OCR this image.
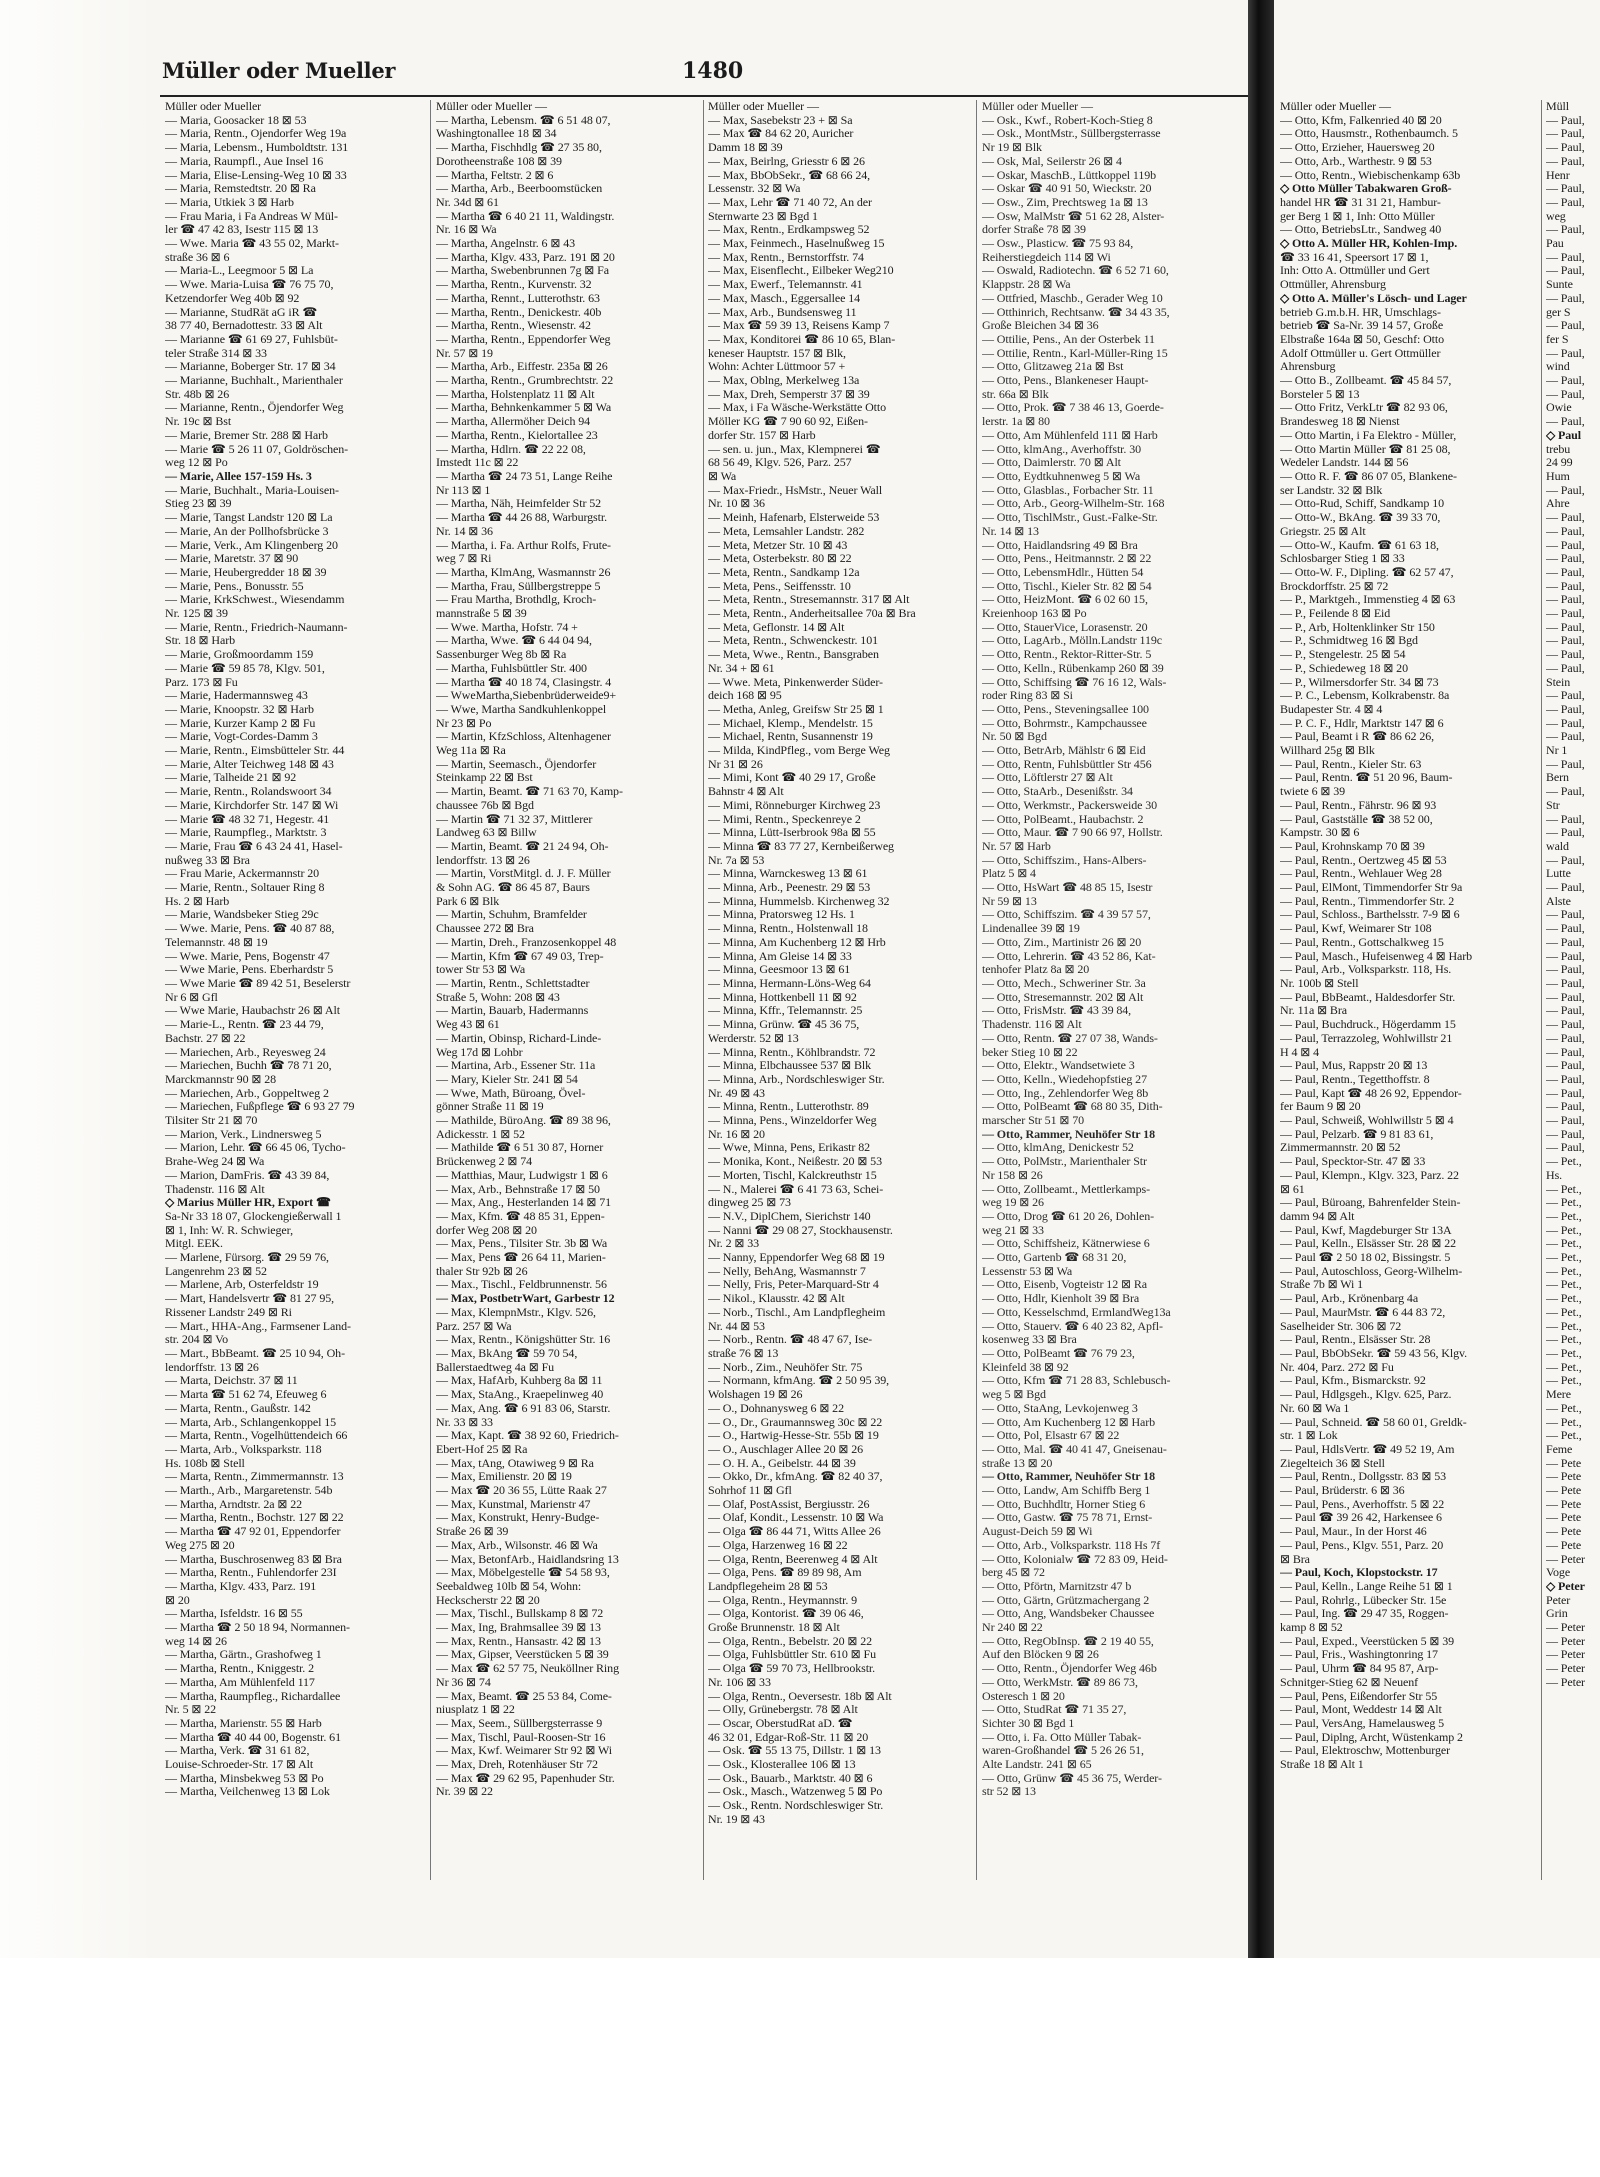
Müller oder Mueller	1480
Müller oder Mueller
— Maria, Goosacker 18 ⊠ 53
— Maria, Rentn., Ojendorfer Weg 19a
— Maria, Lebensm., Humboldtstr. 131
— Maria, Raumpfl., Aue Insel 16
— Maria, Elise-Lensing-Weg 10 ⊠ 33
— Maria, Remstedtstr. 20 ⊠ Ra
— Maria, Utkiek 3 ⊠ Harb
— Frau Maria, i Fa Andreas W Mül-
ler ☎ 47 42 83, Isestr 115 ⊠ 13
— Wwe. Maria ☎ 43 55 02, Markt-
straße 36 ⊠ 6
— Maria-L., Leegmoor 5 ⊠ La
— Wwe. Maria-Luisa ☎ 76 75 70,
Ketzendorfer Weg 40b ⊠ 92
— Marianne, StudRät aG iR ☎
38 77 40, Bernadottestr. 33 ⊠ Alt
— Marianne ☎ 61 69 27, Fuhlsbüt-
teler Straße 314 ⊠ 33
— Marianne, Boberger Str. 17 ⊠ 34
— Marianne, Buchhalt., Marienthaler
Str. 48b ⊠ 26
— Marianne, Rentn., Öjendorfer Weg
Nr. 19c ⊠ Bst
— Marie, Bremer Str. 288 ⊠ Harb
— Marie ☎ 5 26 11 07, Goldröschen-
weg 12 ⊠ Po
— Marie, Allee 157-159 Hs. 3
— Marie, Buchhalt., Maria-Louisen-
Stieg 23 ⊠ 39
— Marie, Tangst Landstr 120 ⊠ La
— Marie, An der Pollhofsbrücke 3
— Marie, Verk., Am Klingenberg 20
— Marie, Maretstr. 37 ⊠ 90
— Marie, Heubergredder 18 ⊠ 39
— Marie, Pens., Bonusstr. 55
— Marie, KrkSchwest., Wiesendamm
Nr. 125 ⊠ 39
— Marie, Rentn., Friedrich-Naumann-
Str. 18 ⊠ Harb
— Marie, Großmoordamm 159
— Marie ☎ 59 85 78, Klgv. 501,
Parz. 173 ⊠ Fu
— Marie, Hadermannsweg 43
— Marie, Knoopstr. 32 ⊠ Harb
— Marie, Kurzer Kamp 2 ⊠ Fu
— Marie, Vogt-Cordes-Damm 3
— Marie, Rentn., Eimsbütteler Str. 44
— Marie, Alter Teichweg 148 ⊠ 43
— Marie, Talheide 21 ⊠ 92
— Marie, Rentn., Rolandswoort 34
— Marie, Kirchdorfer Str. 147 ⊠ Wi
— Marie ☎ 48 32 71, Hegestr. 41
— Marie, Raumpfleg., Marktstr. 3
— Marie, Frau ☎ 6 43 24 41, Hasel-
nußweg 33 ⊠ Bra
— Frau Marie, Ackermannstr 20
— Marie, Rentn., Soltauer Ring 8
Hs. 2 ⊠ Harb
— Marie, Wandsbeker Stieg 29c
— Wwe. Marie, Pens. ☎ 40 87 88,
Telemannstr. 48 ⊠ 19
— Wwe. Marie, Pens, Bogenstr 47
— Wwe Marie, Pens. Eberhardstr 5
— Wwe Marie ☎ 89 42 51, Beselerstr
Nr 6 ⊠ Gfl
— Wwe Marie, Haubachstr 26 ⊠ Alt
— Marie-L., Rentn. ☎ 23 44 79,
Bachstr. 27 ⊠ 22
— Mariechen, Arb., Reyesweg 24
— Mariechen, Buchh ☎ 78 71 20,
Marckmannstr 90 ⊠ 28
— Mariechen, Arb., Goppeltweg 2
— Mariechen, Fußpflege ☎ 6 93 27 79
Tilsiter Str 21 ⊠ 70
— Marion, Verk., Lindnersweg 5
— Marion, Lehr. ☎ 66 45 06, Tycho-
Brahe-Weg 24 ⊠ Wa
— Marion, DamFris. ☎ 43 39 84,
Thadenstr. 116 ⊠ Alt
◇ Marius Müller HR, Export ☎
Sa-Nr 33 18 07, Glockengießerwall 1
⊠ 1, Inh: W. R. Schwieger,
Mitgl. EEK.
— Marlene, Fürsorg. ☎ 29 59 76,
Langenrehm 23 ⊠ 52
— Marlene, Arb, Osterfeldstr 19
— Mart, Handelsvertr ☎ 81 27 95,
Rissener Landstr 249 ⊠ Ri
— Mart., HHA-Ang., Farmsener Land-
str. 204 ⊠ Vo
— Mart., BbBeamt. ☎ 25 10 94, Oh-
lendorffstr. 13 ⊠ 26
— Marta, Deichstr. 37 ⊠ 11
— Marta ☎ 51 62 74, Efeuweg 6
— Marta, Rentn., Gaußstr. 142
— Marta, Arb., Schlangenkoppel 15
— Marta, Rentn., Vogelhüttendeich 66
— Marta, Arb., Volksparkstr. 118
Hs. 108b ⊠ Stell
— Marta, Rentn., Zimmermannstr. 13
— Marth., Arb., Margaretenstr. 54b
— Martha, Arndtstr. 2a ⊠ 22
— Martha, Rentn., Bochstr. 127 ⊠ 22
— Martha ☎ 47 92 01, Eppendorfer
Weg 275 ⊠ 20
— Martha, Buschrosenweg 83 ⊠ Bra
— Martha, Rentn., Fuhlendorfer 23I
— Martha, Klgv. 433, Parz. 191
⊠ 20
— Martha, Isfeldstr. 16 ⊠ 55
— Martha ☎ 2 50 18 94, Normannen-
weg 14 ⊠ 26
— Martha, Gärtn., Grashofweg 1
— Martha, Rentn., Kniggestr. 2
— Martha, Am Mühlenfeld 117
— Martha, Raumpfleg., Richardallee
Nr. 5 ⊠ 22
— Martha, Marienstr. 55 ⊠ Harb
— Martha ☎ 40 44 00, Bogenstr. 61
— Martha, Verk. ☎ 31 61 82,
Louise-Schroeder-Str. 17 ⊠ Alt
— Martha, Minsbekweg 53 ⊠ Po
— Martha, Veilchenweg 13 ⊠ Lok
Müller oder Mueller —
— Martha, Lebensm. ☎ 6 51 48 07,
Washingtonallee 18 ⊠ 34
— Martha, Fischhdlg ☎ 27 35 80,
Dorotheenstraße 108 ⊠ 39
— Martha, Feltstr. 2 ⊠ 6
— Martha, Arb., Beerboomstücken
Nr. 34d ⊠ 61
— Martha ☎ 6 40 21 11, Waldingstr.
Nr. 16 ⊠ Wa
— Martha, Angelnstr. 6 ⊠ 43
— Martha, Klgv. 433, Parz. 191 ⊠ 20
— Martha, Swebenbrunnen 7g ⊠ Fa
— Martha, Rentn., Kurvenstr. 32
— Martha, Rennt., Lutterothstr. 63
— Martha, Rentn., Denickestr. 40b
— Martha, Rentn., Wiesenstr. 42
— Martha, Rentn., Eppendorfer Weg
Nr. 57 ⊠ 19
— Martha, Arb., Eiffestr. 235a ⊠ 26
— Martha, Rentn., Grumbrechtstr. 22
— Martha, Holstenplatz 11 ⊠ Alt
— Martha, Behnkenkammer 5 ⊠ Wa
— Martha, Allermöher Deich 94
— Martha, Rentn., Kielortallee 23
— Martha, Hdlrn. ☎ 22 22 08,
Imstedt 11c ⊠ 22
— Martha ☎ 24 73 51, Lange Reihe
Nr 113 ⊠ 1
— Martha, Näh, Heimfelder Str 52
— Martha ☎ 44 26 88, Warburgstr.
Nr. 14 ⊠ 36
— Martha, i. Fa. Arthur Rolfs, Frute-
weg 7 ⊠ Ri
— Martha, KlmAng, Wasmannstr 26
— Martha, Frau, Süllbergstreppe 5
— Frau Martha, Brothdlg, Kroch-
mannstraße 5 ⊠ 39
— Wwe. Martha, Hofstr. 74 +
— Martha, Wwe. ☎ 6 44 04 94,
Sassenburger Weg 8b ⊠ Ra
— Martha, Fuhlsbüttler Str. 400
— Martha ☎ 40 18 74, Clasingstr. 4
— WweMartha,Siebenbrüderweide9+
— Wwe, Martha Sandkuhlenkoppel
Nr 23 ⊠ Po
— Martin, KfzSchloss, Altenhagener
Weg 11a ⊠ Ra
— Martin, Seemasch., Öjendorfer
Steinkamp 22 ⊠ Bst
— Martin, Beamt. ☎ 71 63 70, Kamp-
chaussee 76b ⊠ Bgd
— Martin ☎ 71 32 37, Mittlerer
Landweg 63 ⊠ Billw
— Martin, Beamt. ☎ 21 24 94, Oh-
lendorffstr. 13 ⊠ 26
— Martin, VorstMitgl. d. J. F. Müller
& Sohn AG. ☎ 86 45 87, Baurs
Park 6 ⊠ Blk
— Martin, Schuhm, Bramfelder
Chaussee 272 ⊠ Bra
— Martin, Dreh., Franzosenkoppel 48
— Martin, Kfm ☎ 67 49 03, Trep-
tower Str 53 ⊠ Wa
— Martin, Rentn., Schlettstadter
Straße 5, Wohn: 208 ⊠ 43
— Martin, Bauarb, Hadermanns
Weg 43 ⊠ 61
— Martin, Obinsp, Richard-Linde-
Weg 17d ⊠ Lohbr
— Martina, Arb., Essener Str. 11a
— Mary, Kieler Str. 241 ⊠ 54
— Wwe, Math, Büroang, Övel-
gönner Straße 11 ⊠ 19
— Mathilde, BüroAng. ☎ 89 38 96,
Adickesstr. 1 ⊠ 52
— Mathilde ☎ 6 51 30 87, Horner
Brückenweg 2 ⊠ 74
— Matthias, Maur, Ludwigstr 1 ⊠ 6
— Max, Arb., Behnstraße 17 ⊠ 50
— Max, Ang., Hesterlanden 14 ⊠ 71
— Max, Kfm. ☎ 48 85 31, Eppen-
dorfer Weg 208 ⊠ 20
— Max, Pens., Tilsiter Str. 3b ⊠ Wa
— Max, Pens ☎ 26 64 11, Marien-
thaler Str 92b ⊠ 26
— Max., Tischl., Feldbrunnenstr. 56
— Max, PostbetrWart, Garbestr 12
— Max, KlempnMstr., Klgv. 526,
Parz. 257 ⊠ Wa
— Max, Rentn., Königshütter Str. 16
— Max, BkAng ☎ 59 70 54,
Ballerstaedtweg 4a ⊠ Fu
— Max, HafArb, Kuhberg 8a ⊠ 11
— Max, StaAng., Kraepelinweg 40
— Max, Ang. ☎ 6 91 83 06, Starstr.
Nr. 33 ⊠ 33
— Max, Kapt. ☎ 38 92 60, Friedrich-
Ebert-Hof 25 ⊠ Ra
— Max, tAng, Otawiweg 9 ⊠ Ra
— Max, Emilienstr. 20 ⊠ 19
— Max ☎ 20 36 55, Lütte Raak 27
— Max, Kunstmal, Marienstr 47
— Max, Konstrukt, Henry-Budge-
Straße 26 ⊠ 39
— Max, Arb., Wilsonstr. 46 ⊠ Wa
— Max, BetonfArb., Haidlandsring 13
— Max, Möbelgestelle ☎ 54 58 93,
Seebaldweg 10lb ⊠ 54, Wohn:
Heckscherstr 22 ⊠ 20
— Max, Tischl., Bullskamp 8 ⊠ 72
— Max, Ing, Brahmsallee 39 ⊠ 13
— Max, Rentn., Hansastr. 42 ⊠ 13
— Max, Gipser, Veerstücken 5 ⊠ 39
— Max ☎ 62 57 75, Neuköllner Ring
Nr 36 ⊠ 74
— Max, Beamt. ☎ 25 53 84, Come-
niusplatz 1 ⊠ 22
— Max, Seem., Süllbergsterrasse 9
— Max, Tischl, Paul-Roosen-Str 16
— Max, Kwf. Weimarer Str 92 ⊠ Wi
— Max, Dreh, Rotenhäuser Str 72
— Max ☎ 29 62 95, Papenhuder Str.
Nr. 39 ⊠ 22
Müller oder Mueller —
— Max, Sasebekstr 23 + ⊠ Sa
— Max ☎ 84 62 20, Auricher
Damm 18 ⊠ 39
— Max, Beirlng, Griesstr 6 ⊠ 26
— Max, BbObSekr., ☎ 68 66 24,
Lessenstr. 32 ⊠ Wa
— Max, Lehr ☎ 71 40 72, An der
Sternwarte 23 ⊠ Bgd 1
— Max, Rentn., Erdkampsweg 52
— Max, Feinmech., Haselnußweg 15
— Max, Rentn., Bernstorffstr. 74
— Max, Eisenflecht., Eilbeker Weg210
— Max, Ewerf., Telemannstr. 41
— Max, Masch., Eggersallee 14
— Max, Arb., Bundsensweg 11
— Max ☎ 59 39 13, Reisens Kamp 7
— Max, Konditorei ☎ 86 10 65, Blan-
keneser Hauptstr. 157 ⊠ Blk,
Wohn: Achter Lüttmoor 57 +
— Max, Oblng, Merkelweg 13a
— Max, Dreh, Semperstr 37 ⊠ 39
— Max, i Fa Wäsche-Werkstätte Otto
Möller KG ☎ 7 90 60 92, Eißen-
dorfer Str. 157 ⊠ Harb
— sen. u. jun., Max, Klempnerei ☎
68 56 49, Klgv. 526, Parz. 257
⊠ Wa
— Max-Friedr., HsMstr., Neuer Wall
Nr. 10 ⊠ 36
— Meinh, Hafenarb, Elsterweide 53
— Meta, Lemsahler Landstr. 282
— Meta, Metzer Str. 10 ⊠ 43
— Meta, Osterbekstr. 80 ⊠ 22
— Meta, Rentn., Sandkamp 12a
— Meta, Pens., Seiffensstr. 10
— Meta, Rentn., Stresemannstr. 317 ⊠ Alt
— Meta, Rentn., Anderheitsallee 70a ⊠ Bra
— Meta, Geflonstr. 14 ⊠ Alt
— Meta, Rentn., Schwenckestr. 101
— Meta, Wwe., Rentn., Bansgraben
Nr. 34 + ⊠ 61
— Wwe. Meta, Pinkenwerder Süder-
deich 168 ⊠ 95
— Metha, Anleg, Greifsw Str 25 ⊠ 1
— Michael, Klemp., Mendelstr. 15
— Michael, Rentn, Susannenstr 19
— Milda, KindPfleg., vom Berge Weg
Nr 31 ⊠ 26
— Mimi, Kont ☎ 40 29 17, Große
Bahnstr 4 ⊠ Alt
— Mimi, Rönneburger Kirchweg 23
— Mimi, Rentn., Speckenreye 2
— Minna, Lütt-Iserbrook 98a ⊠ 55
— Minna ☎ 83 77 27, Kernbeißerweg
Nr. 7a ⊠ 53
— Minna, Warnckesweg 13 ⊠ 61
— Minna, Arb., Peenestr. 29 ⊠ 53
— Minna, Hummelsb. Kirchenweg 32
— Minna, Pratorsweg 12 Hs. 1
— Minna, Rentn., Holstenwall 18
— Minna, Am Kuchenberg 12 ⊠ Hrb
— Minna, Am Gleise 14 ⊠ 33
— Minna, Geesmoor 13 ⊠ 61
— Minna, Hermann-Löns-Weg 64
— Minna, Hottkenbell 11 ⊠ 92
— Minna, Kffr., Telemannstr. 25
— Minna, Grünw. ☎ 45 36 75,
Werderstr. 52 ⊠ 13
— Minna, Rentn., Köhlbrandstr. 72
— Minna, Elbchaussee 537 ⊠ Blk
— Minna, Arb., Nordschleswiger Str.
Nr. 49 ⊠ 43
— Minna, Rentn., Lutterothstr. 89
— Minna, Pens., Winzeldorfer Weg
Nr. 16 ⊠ 20
— Wwe, Minna, Pens, Erikastr 82
— Monika, Kont., Neißestr. 20 ⊠ 53
— Morten, Tischl, Kalckreuthstr 15
— N., Malerei ☎ 6 41 73 63, Schei-
dingweg 25 ⊠ 73
— N.V., DiplChem, Sierichstr 140
— Nanni ☎ 29 08 27, Stockhausenstr.
Nr. 2 ⊠ 33
— Nanny, Eppendorfer Weg 68 ⊠ 19
— Nelly, BehAng, Wasmannstr 7
— Nelly, Fris, Peter-Marquard-Str 4
— Nikol., Klausstr. 42 ⊠ Alt
— Norb., Tischl., Am Landpflegheim
Nr. 44 ⊠ 53
— Norb., Rentn. ☎ 48 47 67, Ise-
straße 76 ⊠ 13
— Norb., Zim., Neuhöfer Str. 75
— Normann, kfmAng. ☎ 2 50 95 39,
Wolshagen 19 ⊠ 26
— O., Dohnanysweg 6 ⊠ 22
— O., Dr., Graumannsweg 30c ⊠ 22
— O., Hartwig-Hesse-Str. 55b ⊠ 19
— O., Auschlager Allee 20 ⊠ 26
— O. H. A., Geibelstr. 44 ⊠ 39
— Okko, Dr., kfmAng. ☎ 82 40 37,
Sohrhof 11 ⊠ Gfl
— Olaf, PostAssist, Bergiusstr. 26
— Olaf, Kondit., Lessenstr. 10 ⊠ Wa
— Olga ☎ 86 44 71, Witts Allee 26
— Olga, Harzenweg 16 ⊠ 22
— Olga, Rentn, Beerenweg 4 ⊠ Alt
— Olga, Pens. ☎ 89 89 98, Am
Landpflegeheim 28 ⊠ 53
— Olga, Rentn., Heymannstr. 9
— Olga, Kontorist. ☎ 39 06 46,
Große Brunnenstr. 18 ⊠ Alt
— Olga, Rentn., Bebelstr. 20 ⊠ 22
— Olga, Fuhlsbüttler Str. 610 ⊠ Fu
— Olga ☎ 59 70 73, Hellbrookstr.
Nr. 106 ⊠ 33
— Olga, Rentn., Oeversestr. 18b ⊠ Alt
— Olly, Grünebergstr. 78 ⊠ Alt
— Oscar, OberstudRat aD. ☎
46 32 01, Edgar-Roß-Str. 11 ⊠ 20
— Osk. ☎ 55 13 75, Dillstr. 1 ⊠ 13
— Osk., Klosterallee 106 ⊠ 13
— Osk., Bauarb., Marktstr. 40 ⊠ 6
— Osk., Masch., Watzenweg 5 ⊠ Po
— Osk., Rentn. Nordschleswiger Str.
Nr. 19 ⊠ 43
Müller oder Mueller —
— Osk., Kwf., Robert-Koch-Stieg 8
— Osk., MontMstr., Süllbergsterrasse
Nr 19 ⊠ Blk
— Osk, Mal, Seilerstr 26 ⊠ 4
— Oskar, MaschB., Lüttkoppel 119b
— Oskar ☎ 40 91 50, Wieckstr. 20
— Osw., Zim, Prechtsweg 1a ⊠ 13
— Osw, MalMstr ☎ 51 62 28, Alster-
dorfer Straße 78 ⊠ 39
— Osw., Plasticw. ☎ 75 93 84,
Reiherstiegdeich 114 ⊠ Wi
— Oswald, Radiotechn. ☎ 6 52 71 60,
Klappstr. 28 ⊠ Wa
— Ottfried, Maschb., Gerader Weg 10
— Otthinrich, Rechtsanw. ☎ 34 43 35,
Große Bleichen 34 ⊠ 36
— Ottilie, Pens., An der Osterbek 11
— Ottilie, Rentn., Karl-Müller-Ring 15
— Otto, Glitzaweg 21a ⊠ Bst
— Otto, Pens., Blankeneser Haupt-
str. 66a ⊠ Blk
— Otto, Prok. ☎ 7 38 46 13, Goerde-
lerstr. 1a ⊠ 80
— Otto, Am Mühlenfeld 111 ⊠ Harb
— Otto, klmAng., Averhoffstr. 30
— Otto, Daimlerstr. 70 ⊠ Alt
— Otto, Eydtkuhnenweg 5 ⊠ Wa
— Otto, Glasblas., Forbacher Str. 11
— Otto, Arb., Georg-Wilhelm-Str. 168
— Otto, TischlMstr., Gust.-Falke-Str.
Nr. 14 ⊠ 13
— Otto, Haidlandsring 49 ⊠ Bra
— Otto, Pens., Heitmannstr. 2 ⊠ 22
— Otto, LebensmHdlr., Hütten 54
— Otto, Tischl., Kieler Str. 82 ⊠ 54
— Otto, HeizMont. ☎ 6 02 60 15,
Kreienhoop 163 ⊠ Po
— Otto, StauerVice, Lorasenstr. 20
— Otto, LagArb., Mölln.Landstr 119c
— Otto, Rentn., Rektor-Ritter-Str. 5
— Otto, Kelln., Rübenkamp 260 ⊠ 39
— Otto, Schiffsing ☎ 76 16 12, Wals-
roder Ring 83 ⊠ Si
— Otto, Pens., Steveningsallee 100
— Otto, Bohrmstr., Kampchaussee
Nr. 50 ⊠ Bgd
— Otto, BetrArb, Mählstr 6 ⊠ Eid
— Otto, Rentn, Fuhlsbüttler Str 456
— Otto, Löftlerstr 27 ⊠ Alt
— Otto, StaArb., Desenißstr. 34
— Otto, Werkmstr., Packersweide 30
— Otto, PolBeamt., Haubachstr. 2
— Otto, Maur. ☎ 7 90 66 97, Hollstr.
Nr. 57 ⊠ Harb
— Otto, Schiffszim., Hans-Albers-
Platz 5 ⊠ 4
— Otto, HsWart ☎ 48 85 15, Isestr
Nr 59 ⊠ 13
— Otto, Schiffszim. ☎ 4 39 57 57,
Lindenallee 39 ⊠ 19
— Otto, Zim., Martinistr 26 ⊠ 20
— Otto, Lehrerin. ☎ 43 52 86, Kat-
tenhofer Platz 8a ⊠ 20
— Otto, Mech., Schweriner Str. 3a
— Otto, Stresemannstr. 202 ⊠ Alt
— Otto, FrisMstr. ☎ 43 39 84,
Thadenstr. 116 ⊠ Alt
— Otto, Rentn. ☎ 27 07 38, Wands-
beker Stieg 10 ⊠ 22
— Otto, Elektr., Wandsetwiete 3
— Otto, Kelln., Wiedehopfstieg 27
— Otto, Ing., Zehlendorfer Weg 8b
— Otto, PolBeamt ☎ 68 80 35, Dith-
marscher Str 51 ⊠ 70
— Otto, Rammer, Neuhöfer Str 18
— Otto, klmAng, Denickestr 52
— Otto, PolMstr., Marienthaler Str
Nr 158 ⊠ 26
— Otto, Zollbeamt., Mettlerkamps-
weg 19 ⊠ 26
— Otto, Drog ☎ 61 20 26, Dohlen-
weg 21 ⊠ 33
— Otto, Schiffsheiz, Kätnerwiese 6
— Otto, Gartenb ☎ 68 31 20,
Lessenstr 53 ⊠ Wa
— Otto, Eisenb, Vogteistr 12 ⊠ Ra
— Otto, Hdlr, Kienholt 39 ⊠ Bra
— Otto, Kesselschmd, ErmlandWeg13a
— Otto, Stauerv. ☎ 6 40 23 82, Apfl-
kosenweg 33 ⊠ Bra
— Otto, PolBeamt ☎ 76 79 23,
Kleinfeld 38 ⊠ 92
— Otto, Kfm ☎ 71 28 83, Schlebusch-
weg 5 ⊠ Bgd
— Otto, StaAng, Levkojenweg 3
— Otto, Am Kuchenberg 12 ⊠ Harb
— Otto, Pol, Elsastr 67 ⊠ 22
— Otto, Mal. ☎ 40 41 47, Gneisenau-
straße 13 ⊠ 20
— Otto, Rammer, Neuhöfer Str 18
— Otto, Landw, Am Schiffb Berg 1
— Otto, Buchhdltr, Horner Stieg 6
— Otto, Gastw. ☎ 75 78 71, Ernst-
August-Deich 59 ⊠ Wi
— Otto, Arb., Volksparkstr. 118 Hs 7f
— Otto, Kolonialw ☎ 72 83 09, Heid-
berg 45 ⊠ 72
— Otto, Pförtn, Marnitzstr 47 b
— Otto, Gärtn, Grützmachergang 2
— Otto, Ang, Wandsbeker Chaussee
Nr 240 ⊠ 22
— Otto, RegObInsp. ☎ 2 19 40 55,
Auf den Blöcken 9 ⊠ 26
— Otto, Rentn., Öjendorfer Weg 46b
— Otto, WerkMstr. ☎ 89 86 73,
Osteresch 1 ⊠ 20
— Otto, StudRat ☎ 71 35 27,
Sichter 30 ⊠ Bgd 1
— Otto, i. Fa. Otto Müller Tabak-
waren-Großhandel ☎ 5 26 26 51,
Alte Landstr. 241 ⊠ 65
— Otto, Grünw ☎ 45 36 75, Werder-
str 52 ⊠ 13
Müller oder Mueller —
— Otto, Kfm, Falkenried 40 ⊠ 20
— Otto, Hausmstr., Rothenbaumch. 5
— Otto, Erzieher, Hauersweg 20
— Otto, Arb., Warthestr. 9 ⊠ 53
— Otto, Rentn., Wiebischenkamp 63b
◇ Otto Müller Tabakwaren Groß-
handel HR ☎ 31 31 21, Hambur-
ger Berg 1 ⊠ 1, Inh: Otto Müller
— Otto, BetriebsLtr., Sandweg 40
◇ Otto A. Müller HR, Kohlen-Imp.
☎ 33 16 41, Speersort 17 ⊠ 1,
Inh: Otto A. Ottmüller und Gert
Ottmüller, Ahrensburg
◇ Otto A. Müller's Lösch- und Lager
betrieb G.m.b.H. HR, Umschlags-
betrieb ☎ Sa-Nr. 39 14 57, Große
Elbstraße 164a ⊠ 50, Geschf: Otto
Adolf Ottmüller u. Gert Ottmüller
Ahrensburg
— Otto B., Zollbeamt. ☎ 45 84 57,
Borsteler 5 ⊠ 13
— Otto Fritz, VerkLtr ☎ 82 93 06,
Brandesweg 18 ⊠ Nienst
— Otto Martin, i Fa Elektro - Müller,
— Otto Martin Müller ☎ 81 25 08,
Wedeler Landstr. 144 ⊠ 56
— Otto R. F. ☎ 86 07 05, Blankene-
ser Landstr. 32 ⊠ Blk
— Otto-Rud, Schiff, Sandkamp 10
— Otto-W., BkAng. ☎ 39 33 70,
Griegstr. 25 ⊠ Alt
— Otto-W., Kaufm. ☎ 61 63 18,
Schlosbarger Stieg 1 ⊠ 33
— Otto-W. F., Dipling. ☎ 62 57 47,
Brockdorffstr. 25 ⊠ 72
— P., Marktgeh., Immenstieg 4 ⊠ 63
— P., Feilende 8 ⊠ Eid
— P., Arb, Holtenklinker Str 150
— P., Schmidtweg 16 ⊠ Bgd
— P., Stengelestr. 25 ⊠ 54
— P., Schiedeweg 18 ⊠ 20
— P., Wilmersdorfer Str. 34 ⊠ 73
— P. C., Lebensm, Kolkrabenstr. 8a
Budapester Str. 4 ⊠ 4
— P. C. F., Hdlr, Marktstr 147 ⊠ 6
— Paul, Beamt i R ☎ 86 62 26,
Willhard 25g ⊠ Blk
— Paul, Rentn., Kieler Str. 63
— Paul, Rentn. ☎ 51 20 96, Baum-
twiete 6 ⊠ 39
— Paul, Rentn., Fährstr. 96 ⊠ 93
— Paul, Gastställe ☎ 38 52 00,
Kampstr. 30 ⊠ 6
— Paul, Krohnskamp 70 ⊠ 39
— Paul, Rentn., Oertzweg 45 ⊠ 53
— Paul, Rentn., Wehlauer Weg 28
— Paul, ElMont, Timmendorfer Str 9a
— Paul, Rentn., Timmendorfer Str. 2
— Paul, Schloss., Barthelsstr. 7-9 ⊠ 6
— Paul, Kwf, Weimarer Str 108
— Paul, Rentn., Gottschalkweg 15
— Paul, Masch., Hufeisenweg 4 ⊠ Harb
— Paul, Arb., Volksparkstr. 118, Hs.
Nr. 100b ⊠ Stell
— Paul, BbBeamt., Haldesdorfer Str.
Nr. 11a ⊠ Bra
— Paul, Buchdruck., Högerdamm 15
— Paul, Terrazzoleg, Wohlwillstr 21
H 4 ⊠ 4
— Paul, Mus, Rappstr 20 ⊠ 13
— Paul, Rentn., Tegetthoffstr. 8
— Paul, Kapt ☎ 48 26 92, Eppendor-
fer Baum 9 ⊠ 20
— Paul, Schweiß, Wohlwillstr 5 ⊠ 4
— Paul, Pelzarb. ☎ 9 81 83 61,
Zimmermannstr. 20 ⊠ 52
— Paul, Specktor-Str. 47 ⊠ 33
— Paul, Klempn., Klgv. 323, Parz. 22
⊠ 61
— Paul, Büroang, Bahrenfelder Stein-
damm 94 ⊠ Alt
— Paul, Kwf, Magdeburger Str 13A
— Paul, Kelln., Elsässer Str. 28 ⊠ 22
— Paul ☎ 2 50 18 02, Bissingstr. 5
— Paul, Autoschloss, Georg-Wilhelm-
Straße 7b ⊠ Wi 1
— Paul, Arb., Krönenbarg 4a
— Paul, MaurMstr. ☎ 6 44 83 72,
Saselheider Str. 306 ⊠ 72
— Paul, Rentn., Elsässer Str. 28
— Paul, BbObSekr. ☎ 59 43 56, Klgv.
Nr. 404, Parz. 272 ⊠ Fu
— Paul, Kfm., Bismarckstr. 92
— Paul, Hdlgsgeh., Klgv. 625, Parz.
Nr. 60 ⊠ Wa 1
— Paul, Schneid. ☎ 58 60 01, Greldk-
str. 1 ⊠ Lok
— Paul, HdlsVertr. ☎ 49 52 19, Am
Ziegelteich 36 ⊠ Stell
— Paul, Rentn., Dollgsstr. 83 ⊠ 53
— Paul, Brüderstr. 6 ⊠ 36
— Paul, Pens., Averhoffstr. 5 ⊠ 22
— Paul ☎ 39 26 42, Harkensee 6
— Paul, Maur., In der Horst 46
— Paul, Pens., Klgv. 551, Parz. 20
⊠ Bra
— Paul, Koch, Klopstockstr. 17
— Paul, Kelln., Lange Reihe 51 ⊠ 1
— Paul, Rohrlg., Lübecker Str. 15e
— Paul, Ing. ☎ 29 47 35, Roggen-
kamp 8 ⊠ 52
— Paul, Exped., Veerstücken 5 ⊠ 39
— Paul, Fris., Washingtonring 17
— Paul, Uhrm ☎ 84 95 87, Arp-
Schnitger-Stieg 62 ⊠ Neuenf
— Paul, Pens, Eißendorfer Str 55
— Paul, Mont, Weddestr 14 ⊠ Alt
— Paul, VersAng, Hamelausweg 5
— Paul, Diplng, Archt, Wüstenkamp 2
— Paul, Elektroschw, Mottenburger
Straße 18 ⊠ Alt 1
Müll
— Paul,
— Paul,
— Paul,
— Paul,
Henr
— Paul,
— Paul,
weg
— Paul,
Pau
— Paul,
— Paul,
Sunte
— Paul,
ger S
— Paul,
fer S
— Paul,
wind
— Paul,
— Paul,
Owie
— Paul,
◇ Paul
trebu
24 99
Hum
— Paul,
Ahre
— Paul,
— Paul,
— Paul,
— Paul,
— Paul,
— Paul,
— Paul,
— Paul,
— Paul,
— Paul,
— Paul,
— Paul,
Stein
— Paul,
— Paul,
— Paul,
— Paul,
Nr 1
— Paul,
Bern
— Paul,
Str
— Paul,
— Paul,
wald
— Paul,
Lutte
— Paul,
Alste
— Paul,
— Paul,
— Paul,
— Paul,
— Paul,
— Paul,
— Paul,
— Paul,
— Paul,
— Paul,
— Paul,
— Paul,
— Paul,
— Paul,
— Paul,
— Paul,
— Paul,
— Paul,
— Pet.,
Hs.
— Pet.,
— Pet.,
— Pet.,
— Pet.,
— Pet.,
— Pet.,
— Pet.,
— Pet.,
— Pet.,
— Pet.,
— Pet.,
— Pet.,
— Pet.,
— Pet.,
— Pet.,
Mere
— Pet.,
— Pet.,
— Pet.,
Feme
— Pete
— Pete
— Pete
— Pete
— Pete
— Pete
— Pete
— Peter
Voge
◇ Peter
Peter
Grin
— Peter
— Peter
— Peter
— Peter
— Peter
